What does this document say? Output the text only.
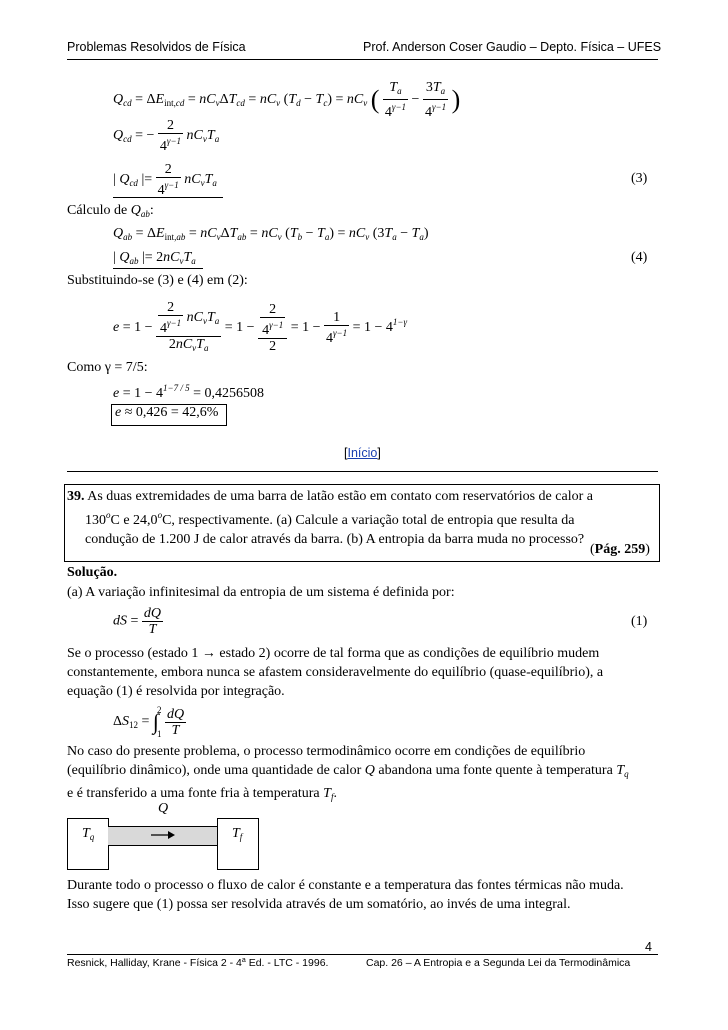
Problemas Resolvidos de Física	Prof. Anderson Coser Gaudio – Depto. Física – UFES
$Q_{cd} = \Delta E_{int,cd} = nC_v\Delta T_{cd} = nC_v$ $(T_d - T_c) = nC_v$ ( $\frac{T_a}{4^{\gamma-1}} - \frac{3T_a}{4^{\gamma-1}}$ )
$Q_{cd}$ = − $\frac{2}{4^{\gamma-1}} nC_vT_a$
| $Q_{cd}$ |= $\frac{2}{4^{\gamma-1}} nC_vT_a$	(3)
Cálculo de $Q_{ab}$:
$Q_{ab} = \Delta E_{int,ab} = nC_v\Delta T_{ab} = nC_v$ $(T_b - T_a) = nC_v$ $(3T_a - T_a)$
| $Q_{ab}$ |= $2nC_vT_a$	(4)
Substituindo-se (3) e (4) em (2):
$e = 1 - \frac{\frac{2}{4^{\gamma-1}} nC_vT_a}{2nC_vT_a} = 1 - \frac{\frac{2}{4^{\gamma-1}}}{2} = 1 - \frac{1}{4^{\gamma-1}} = 1 - 4^{1-\gamma}$
Como γ = 7/5:
$e = 1 - 4^{1-7 / 5} = 0,4256508$
e ≈ 0,426 = 42,6%
[Início]
39. As duas extremidades de uma barra de latão estão em contato com reservatórios de calor a
130$^o$C e 24,0$^o$C, respectivamente. (a) Calcule a variação total de entropia que resulta da
condução de 1.200 J de calor através da barra. (b) A entropia da barra muda no processo?
(Pág. 259)
Solução.
(a) A variação infinitesimal da entropia de um sistema é definida por:
dS = $\frac{dQ}{T}$	(1)
Se o processo (estado 1 → estado 2) ocorre de tal forma que as condições de equilíbrio mudem
constantemente, embora nunca se afastem consideravelmente do equilíbrio (quase-equilíbrio), a
equação (1) é resolvida por integração.
$\Delta S_{12} = \int 2$

$1 \frac{dQ}{T}$
No caso do presente problema, o processo termodinâmico ocorre em condições de equilíbrio
(equilíbrio dinâmico), onde uma quantidade de calor Q abandona uma fonte quente à temperatura $T_q$
e é transferido a uma fonte fria à temperatura $T_f$.
Q
$T_q$	$T_f$
Durante todo o processo o fluxo de calor é constante e a temperatura das fontes térmicas não muda.
Isso sugere que (1) possa ser resolvida através de um somatório, ao invés de uma integral.
4
Resnick, Halliday, Krane - Física 2 - 4$^a$ Ed. - LTC - 1996.	Cap. 26 – A Entropia e a Segunda Lei da Termodinâmica
